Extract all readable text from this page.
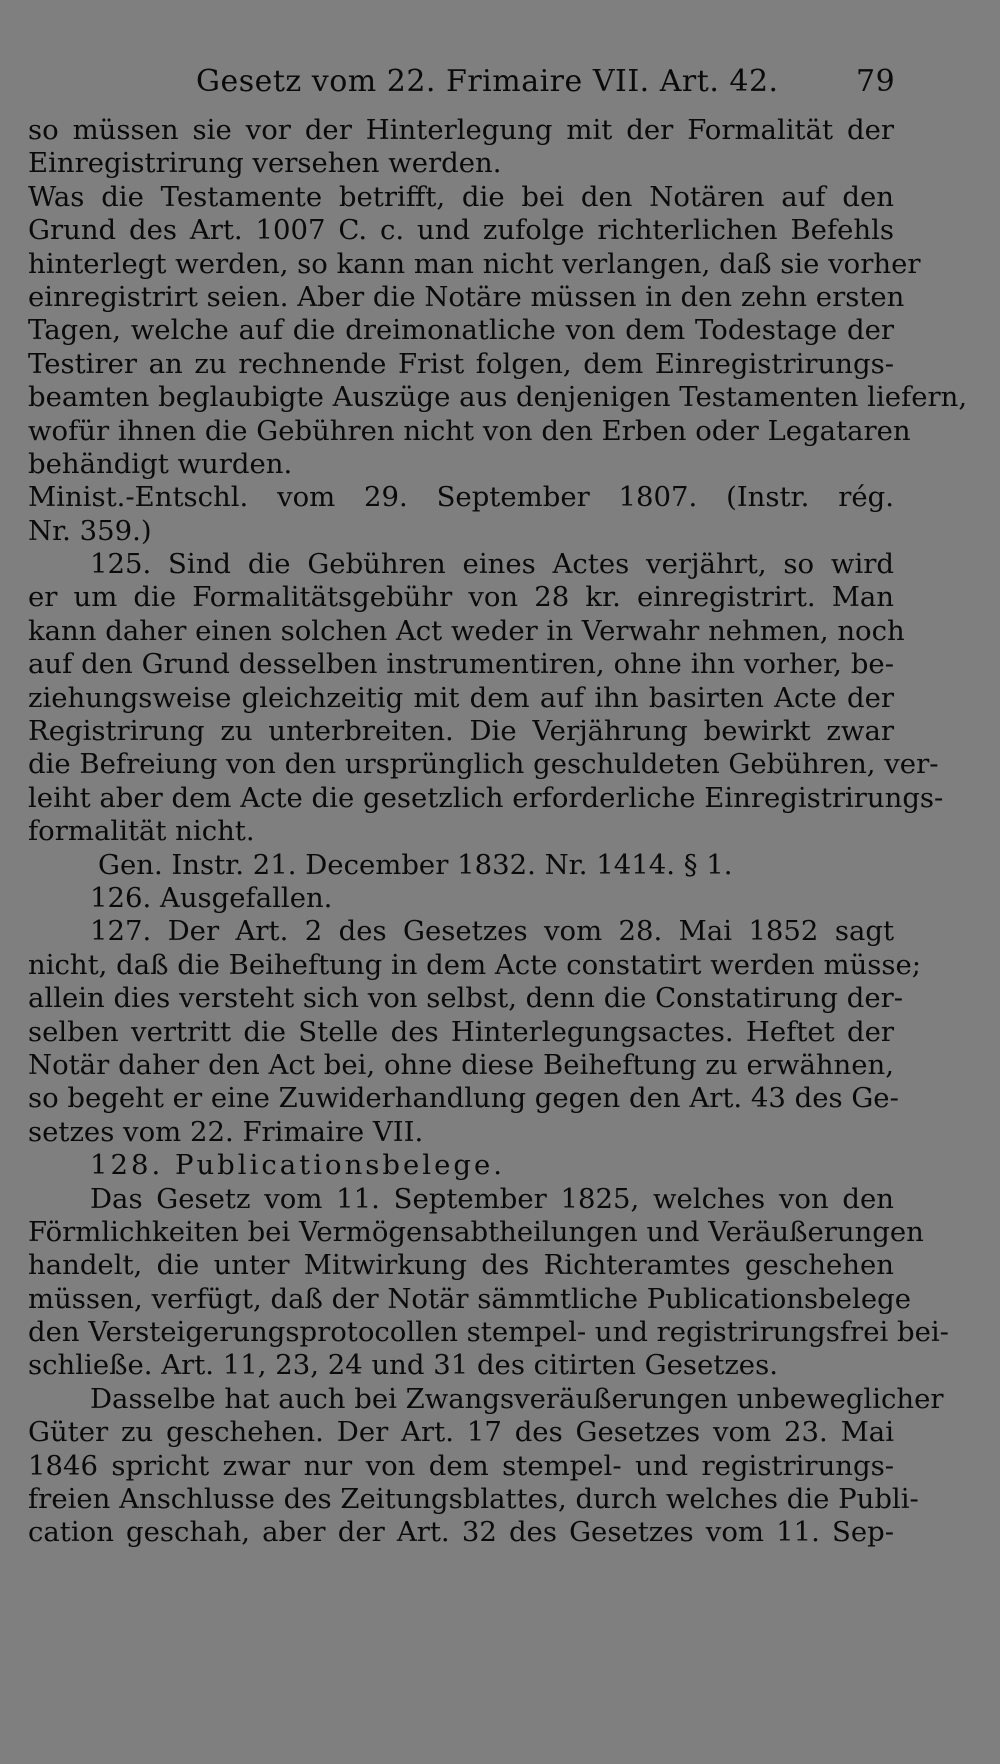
Gesetz vom 22. Frimaire VII. Art. 42.	79
so müssen sie vor der Hinterlegung mit der Formalität der
Einregistrirung versehen werden.
Was die Testamente betrifft, die bei den Notären auf den
Grund des Art. 1007 C. c. und zufolge richterlichen Befehls
hinterlegt werden, so kann man nicht verlangen, daß sie vorher
einregistrirt seien. Aber die Notäre müssen in den zehn ersten
Tagen, welche auf die dreimonatliche von dem Todestage der
Testirer an zu rechnende Frist folgen, dem Einregistrirungs-
beamten beglaubigte Auszüge aus denjenigen Testamenten liefern,
wofür ihnen die Gebühren nicht von den Erben oder Legataren
behändigt wurden.
Minist.-Entschl. vom 29. September 1807. (Instr. rég.
Nr. 359.)
125. Sind die Gebühren eines Actes verjährt, so wird
er um die Formalitätsgebühr von 28 kr. einregistrirt. Man
kann daher einen solchen Act weder in Verwahr nehmen, noch
auf den Grund desselben instrumentiren, ohne ihn vorher, be-
ziehungsweise gleichzeitig mit dem auf ihn basirten Acte der
Registrirung zu unterbreiten. Die Verjährung bewirkt zwar
die Befreiung von den ursprünglich geschuldeten Gebühren, ver-
leiht aber dem Acte die gesetzlich erforderliche Einregistrirungs-
formalität nicht.
Gen. Instr. 21. December 1832. Nr. 1414. § 1.
126. Ausgefallen.
127. Der Art. 2 des Gesetzes vom 28. Mai 1852 sagt
nicht, daß die Beiheftung in dem Acte constatirt werden müsse;
allein dies versteht sich von selbst, denn die Constatirung der-
selben vertritt die Stelle des Hinterlegungsactes. Heftet der
Notär daher den Act bei, ohne diese Beiheftung zu erwähnen,
so begeht er eine Zuwiderhandlung gegen den Art. 43 des Ge-
setzes vom 22. Frimaire VII.
128. Publicationsbelege.
Das Gesetz vom 11. September 1825, welches von den
Förmlichkeiten bei Vermögensabtheilungen und Veräußerungen
handelt, die unter Mitwirkung des Richteramtes geschehen
müssen, verfügt, daß der Notär sämmtliche Publicationsbelege
den Versteigerungsprotocollen stempel- und registrirungsfrei bei-
schließe. Art. 11, 23, 24 und 31 des citirten Gesetzes.
Dasselbe hat auch bei Zwangsveräußerungen unbeweglicher
Güter zu geschehen. Der Art. 17 des Gesetzes vom 23. Mai
1846 spricht zwar nur von dem stempel- und registrirungs-
freien Anschlusse des Zeitungsblattes, durch welches die Publi-
cation geschah, aber der Art. 32 des Gesetzes vom 11. Sep-
